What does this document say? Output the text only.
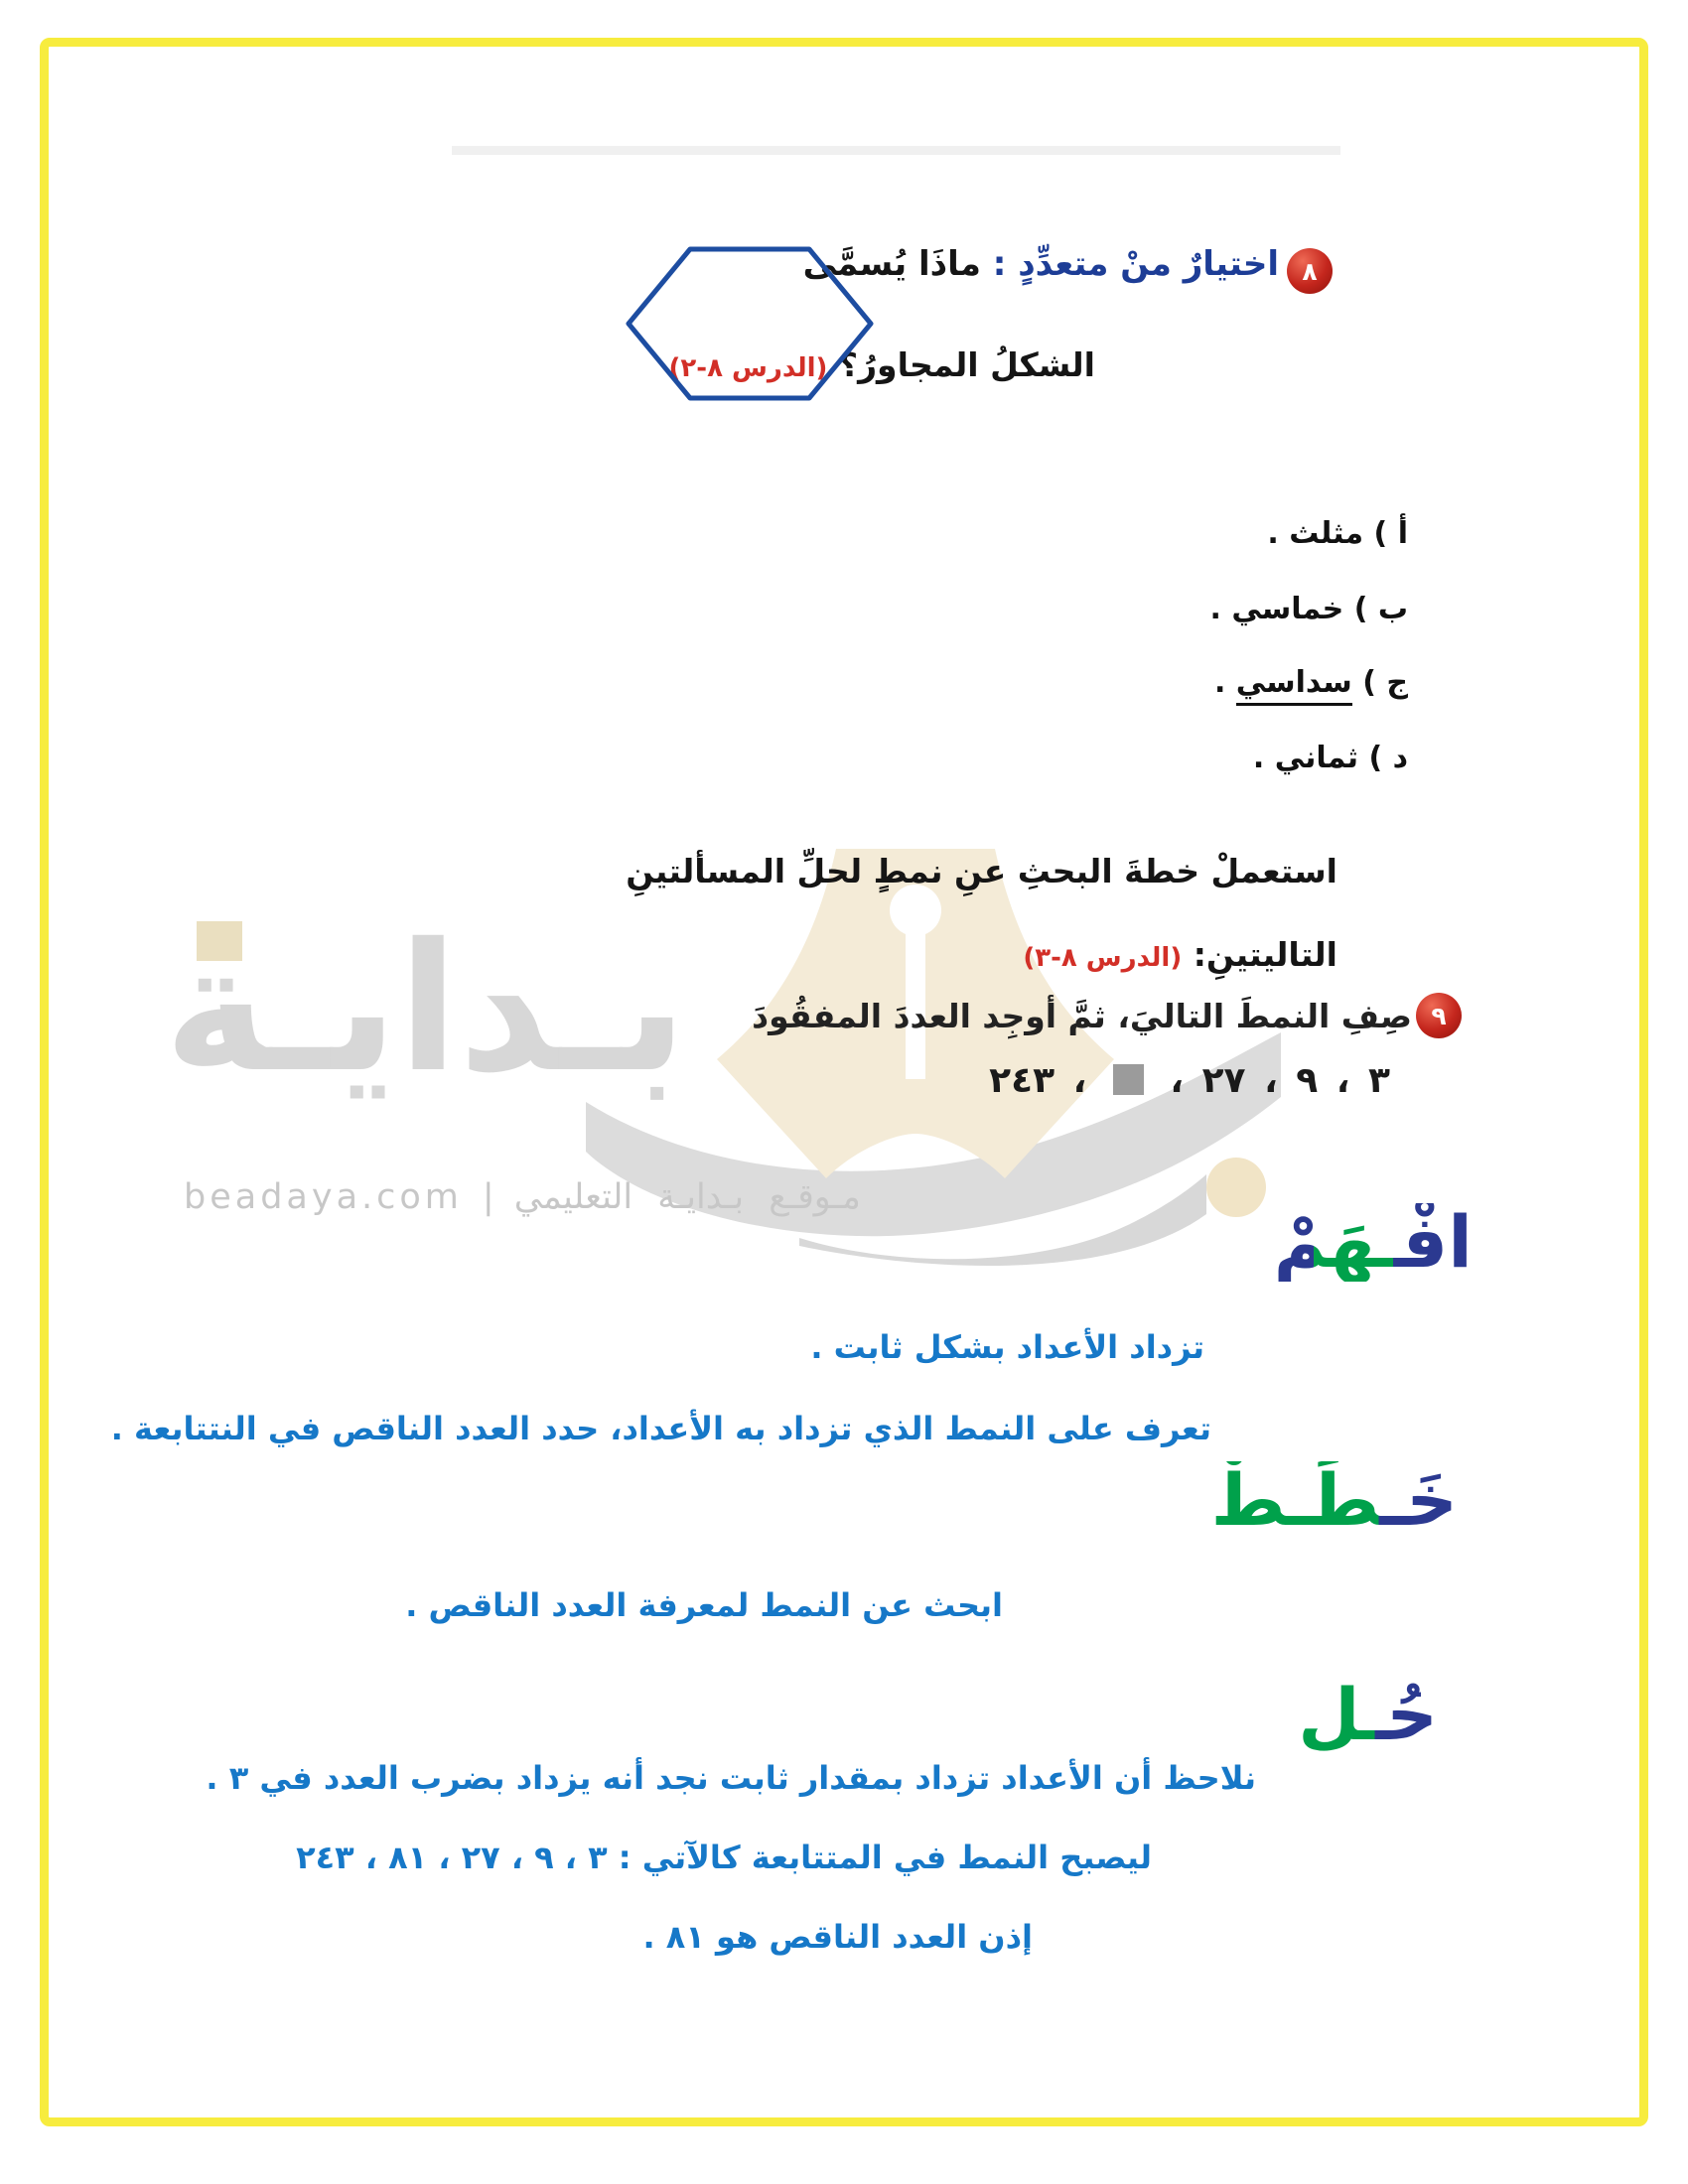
بـدايـة
beadaya.com | مـوقـع بـدايـة التعليمي
٨
اختيارٌ منْ متعدِّدٍ : ماذَا يُسمَّى
الشكلُ المجاورُ؟ (الدرس ٨-٢)
أ ) مثلث .
ب ) خماسي .
ج ) سداسي .
د ) ثماني .
استعملْ خطةَ البحثِ عنِ نمطٍ لحلِّ المسألتينِ
التاليتينِ: (الدرس ٨-٣)
٩
صِفِ النمطَ التاليَ، ثمَّ أوجِد العددَ المفقُودَ
٣ ، ٩ ، ٢٧ ،  ، ٢٤٣
افْـهَمْ
تزداد الأعداد بشكل ثابت .
تعرف على النمط الذي تزداد به الأعداد، حدد العدد الناقص في النتتابعة .
خَـطِّـطْ
ابحث عن النمط لمعرفة العدد الناقص .
حُـل
نلاحظ أن الأعداد تزداد بمقدار ثابت نجد أنه يزداد بضرب العدد في ٣ .
ليصبح النمط في المتتابعة كالآتي : ٣ ، ٩ ، ٢٧ ، ٨١ ، ٢٤٣
إذن العدد الناقص هو ٨١ .
